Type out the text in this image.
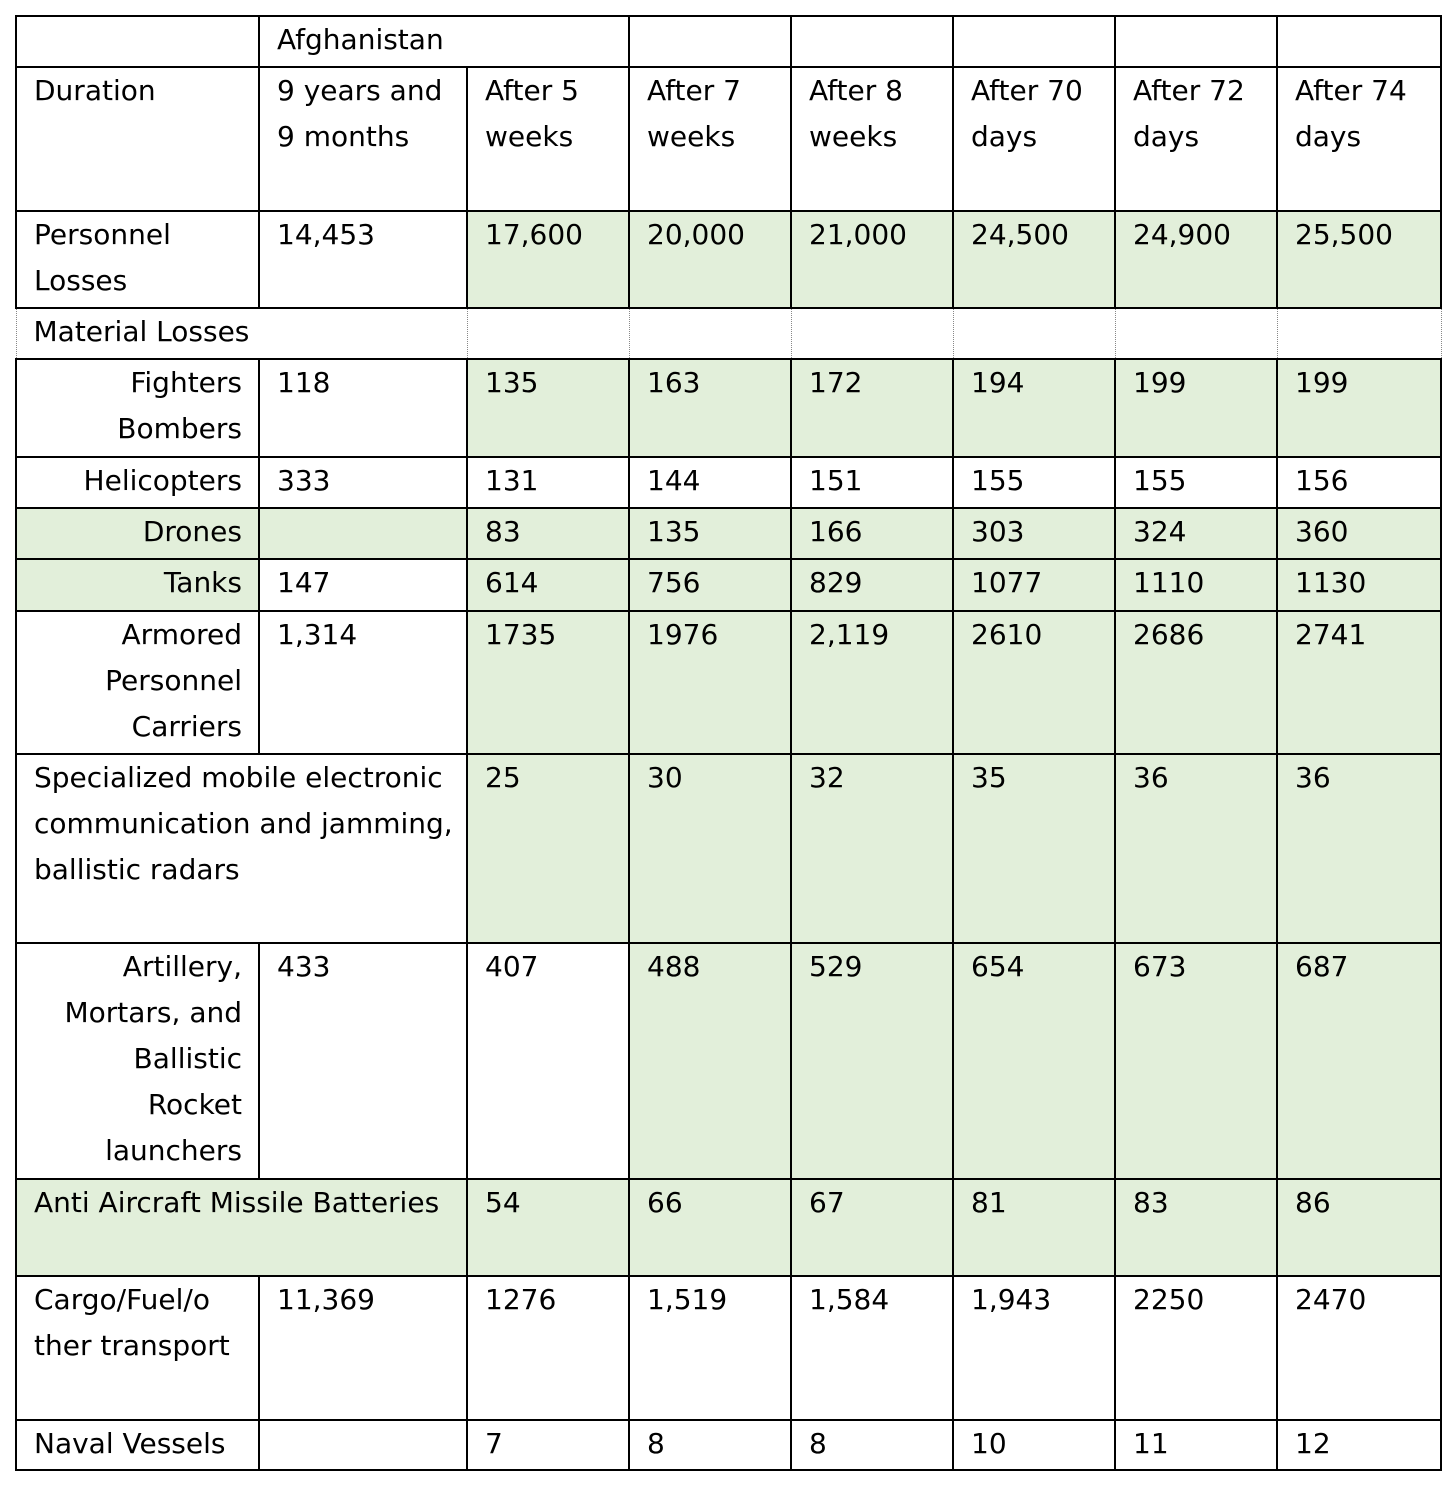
	Afghanistan						
Duration	9 years and 9 months	After 5 weeks	After 7 weeks	After 8 weeks	After 70 days	After 72 days	After 74 days
Personnel Losses	14,453	17,600	20,000	21,000	24,500	24,900	25,500
Material Losses							
Fighters Bombers	118	135	163	172	194	199	199
Helicopters	333	131	144	151	155	155	156
Drones		83	135	166	303	324	360
Tanks	147	614	756	829	1077	1110	1130
Armored Personnel Carriers	1,314	1735	1976	2,119	2610	2686	2741
Specialized mobile electronic communication and jamming, ballistic radars		25	30	32	35	36	36
Artillery, Mortars, and Ballistic Rocket launchers	433	407	488	529	654	673	687
Anti Aircraft Missile Batteries		54	66	67	81	83	86
Cargo/Fuel/o ther transport	11,369	1276	1,519	1,584	1,943	2250	2470
Naval Vessels		7	8	8	10	11	12
